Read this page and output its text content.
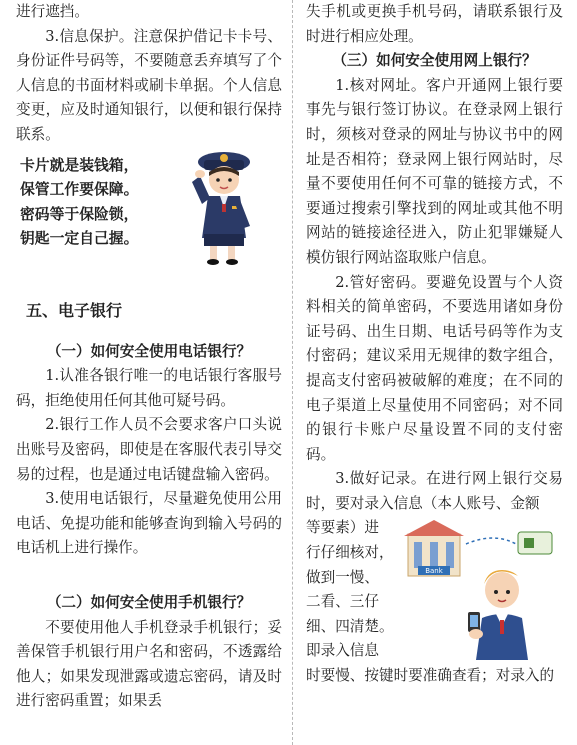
进行遮挡。

3.信息保护。注意保护借记卡卡号、身份证件号码等，不要随意丢弃填写了个人信息的书面材料或刷卡单据。个人信息变更，应及时通知银行，以便和银行保持联系。

卡片就是装钱箱，
保管工作要保障。
密码等于保险锁，
钥匙一定自己握。
五、电子银行
（一）如何安全使用电话银行？

1.认准各银行唯一的电话银行客服号码，拒绝使用任何其他可疑号码。

2.银行工作人员不会要求客户口头说出账号及密码，即使是在客服代表引导交易的过程，也是通过电话键盘输入密码。

3.使用电话银行，尽量避免使用公用电话、免提功能和能够查询到输入号码的电话机上进行操作。

（二）如何安全使用手机银行？

不要使用他人手机登录手机银行；妥善保管手机银行用户名和密码，不透露给他人；如果发现泄露或遗忘密码，请及时进行密码重置；如果丢

失手机或更换手机号码，请联系银行及时进行相应处理。

（三）如何安全使用网上银行？

1.核对网址。客户开通网上银行要事先与银行签订协议。在登录网上银行时，须核对登录的网址与协议书中的网址是否相符；登录网上银行网站时，尽量不要使用任何不可靠的链接方式，不要通过搜索引擎找到的网址或其他不明网站的链接途径进入，防止犯罪嫌疑人模仿银行网站盗取账户信息。

2.管好密码。要避免设置与个人资料相关的简单密码，不要选用诸如身份证号码、出生日期、电话号码等作为支付密码；建议采用无规律的数字组合，提高支付密码被破解的难度；在不同的电子渠道上尽量使用不同密码；对不同的银行卡账户尽量设置不同的支付密码。

3.做好记录。在进行网上银行交易时，要对录入信息（本人账号、金额

等要素）进
行仔细核对，
做到一慢、
二看、三仔
细、四清楚。
即录入信息
Bank

时要慢、按键时要准确查看；对录入的
